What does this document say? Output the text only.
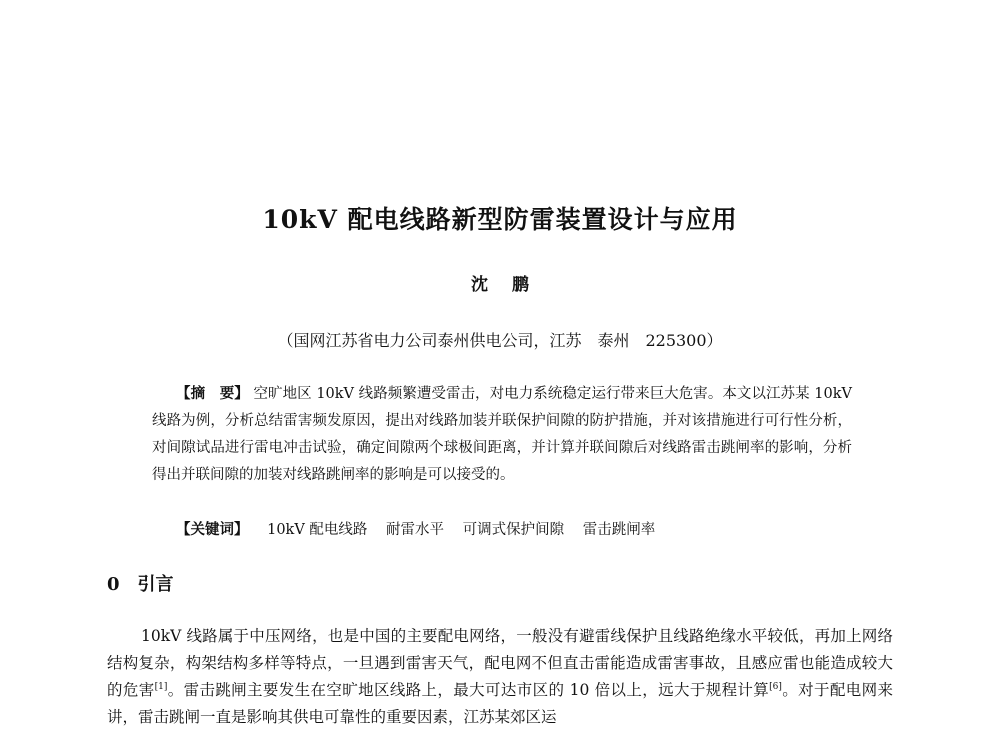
10kV 配电线路新型防雷装置设计与应用
沈 鹏
（国网江苏省电力公司泰州供电公司，江苏　泰州　225300）
【摘　要】 空旷地区 10kV 线路频繁遭受雷击，对电力系统稳定运行带来巨大危害。本文以江苏某 10kV 线路为例，分析总结雷害频发原因，提出对线路加装并联保护间隙的防护措施，并对该措施进行可行性分析，对间隙试品进行雷电冲击试验，确定间隙两个球极间距离，并计算并联间隙后对线路雷击跳闸率的影响，分析得出并联间隙的加装对线路跳闸率的影响是可以接受的。
【关键词】 10kV 配电线路 耐雷水平 可调式保护间隙 雷击跳闸率
0 引言
10kV 线路属于中压网络，也是中国的主要配电网络，一般没有避雷线保护且线路绝缘水平较低，再加上网络结构复杂，构架结构多样等特点，一旦遇到雷害天气，配电网不但直击雷能造成雷害事故，且感应雷也能造成较大的危害[1]。雷击跳闸主要发生在空旷地区线路上，最大可达市区的 10 倍以上，远大于规程计算[6]。对于配电网来讲，雷击跳闸一直是影响其供电可靠性的重要因素，江苏某郊区运
